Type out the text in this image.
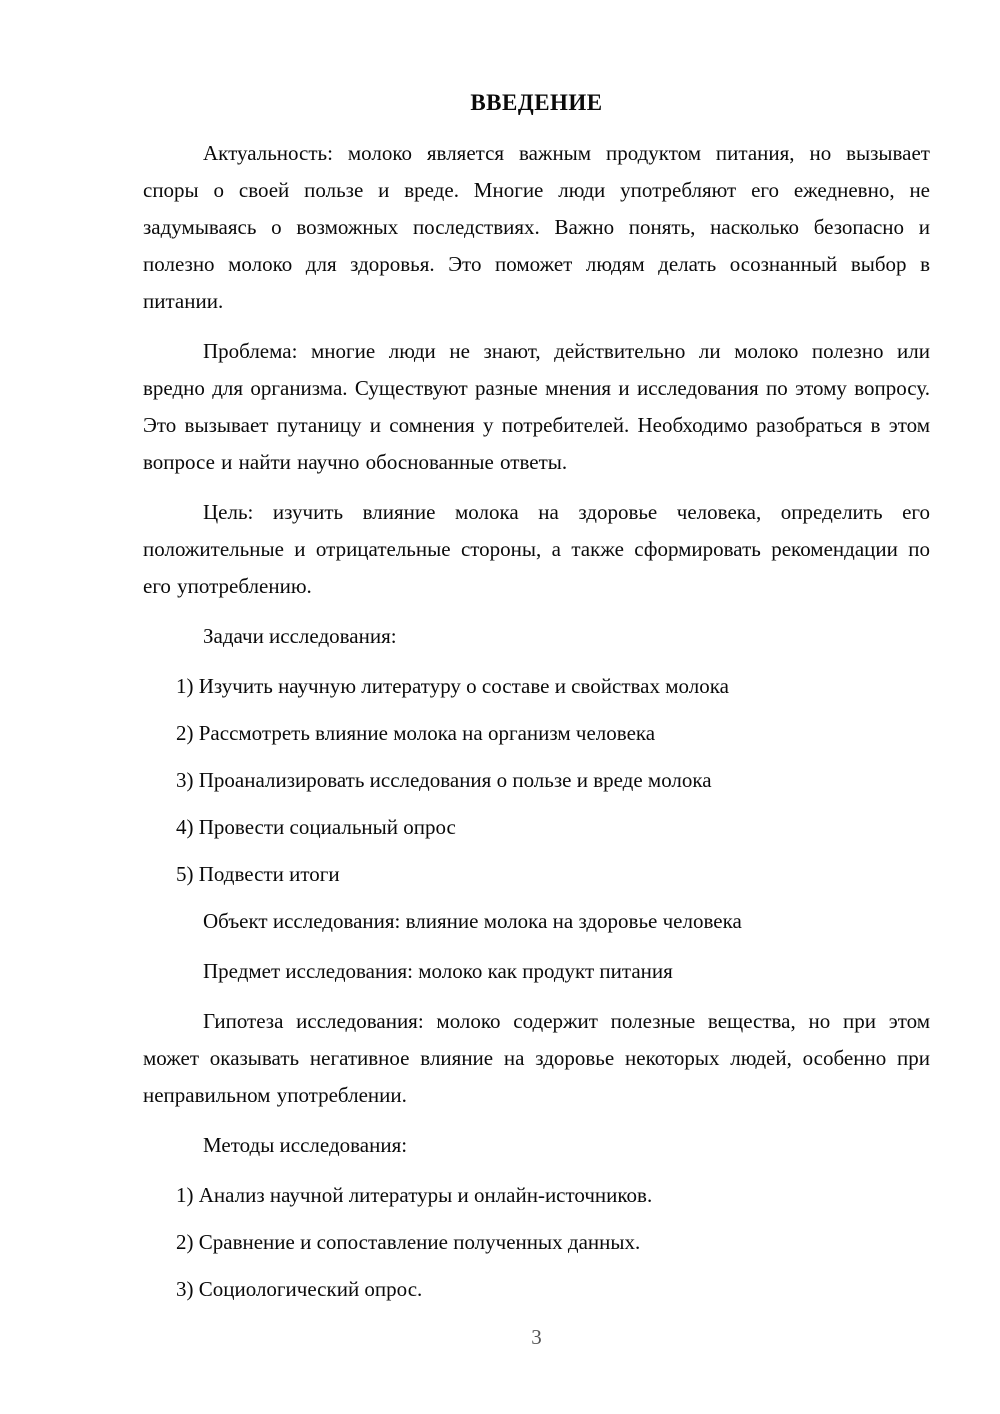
ВВЕДЕНИЕ

Актуальность: молоко является важным продуктом питания, но вызывает споры о своей пользе и вреде. Многие люди употребляют его ежедневно, не задумываясь о возможных последствиях. Важно понять, насколько безопасно и полезно молоко для здоровья. Это поможет людям делать осознанный выбор в питании.

Проблема: многие люди не знают, действительно ли молоко полезно или вредно для организма. Существуют разные мнения и исследования по этому вопросу. Это вызывает путаницу и сомнения у потребителей. Необходимо разобраться в этом вопросе и найти научно обоснованные ответы.

Цель: изучить влияние молока на здоровье человека, определить его положительные и отрицательные стороны, а также сформировать рекомендации по его употреблению.

Задачи исследования:

1) Изучить научную литературу о составе и свойствах молока

2) Рассмотреть влияние молока на организм человека

3) Проанализировать исследования о пользе и вреде молока

4) Провести социальный опрос

5) Подвести итоги

Объект исследования: влияние молока на здоровье человека

Предмет исследования: молоко как продукт питания

Гипотеза исследования: молоко содержит полезные вещества, но при этом может оказывать негативное влияние на здоровье некоторых людей, особенно при неправильном употреблении.

Методы исследования:

1) Анализ научной литературы и онлайн-источников.

2) Сравнение и сопоставление полученных данных.

3) Социологический опрос.

3
